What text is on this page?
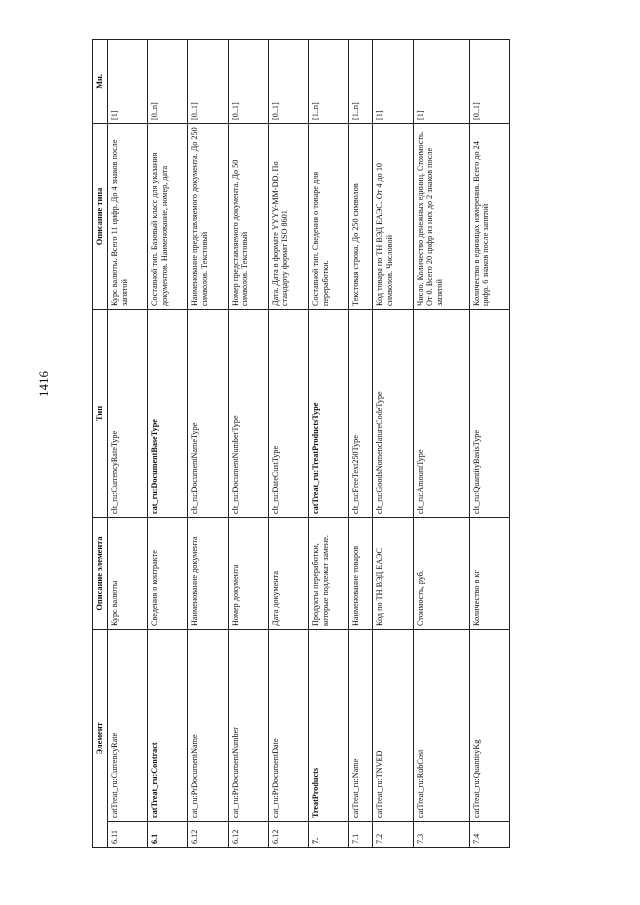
1416
Элемент		Описание элемента	Тип	Описание типа	Мн.
6.11	catTreat_ru:CurrencyRate	Курс валюты	clt_ru:CurrencyRateType	Курс валюты. Всего 11 цифр. До 4 знаков после запятой	[1]
6.1	catTreat_ru:Contract	Сведения о контракте	cat_ru:DocumentBaseType	Составной тип. Базовый класс для указания документов. Наименование, номер, дата	[0..n]
6.12	cat_ru:PrDocumentName	Наименование документа	clt_ru:DocumentNameType	Наименование представляемого документа. До 250 символов. Текстовый	[0..1]
6.12	cat_ru:PrDocumentNumber	Номер документа	clt_ru:DocumentNumberType	Номер представляемого документа. До 50 символов. Текстовый	[0..1]
6.12	cat_ru:PrDocumentDate	Дата документа	clt_ru:DateCustType	Дата. Дата в формате YYYY-MM-DD. По стандарту формат ISO 8601	[0..1]
7.	TreatProducts	Продукты переработки, которые подлежат замене.	catTreat_ru:TreatProductsType	Составной тип. Сведения о товаре для переработки.	[1..n]
7.1	catTreat_ru:Name	Наименование товаров	clt_ru:FreeText250Type	Текстовая строка. До 250 символов	[1..n]
7.2	catTreat_ru:TNVED	Код по ТН ВЭД ЕАЭС	clt_ru:GoodsNomenclatureCodeType	Код товара по ТН ВЭД ЕАЭС. От 4 до 10 символов. Числовой	[1]
7.3	catTreat_ru:RubCost	Стоимость, руб.	clt_ru:AmountType	Число. Количество денежных единиц. Стоимость. От 0. Всего 20 цифр из них до 2 знаков после запятой	[1]
7.4	catTreat_ru:QuantityKg	Количество в кг	clt_ru:QuantityBasisType	Количество в единицах измерения. Всего до 24 цифр. 6 знаков после запятой	[0..1]
